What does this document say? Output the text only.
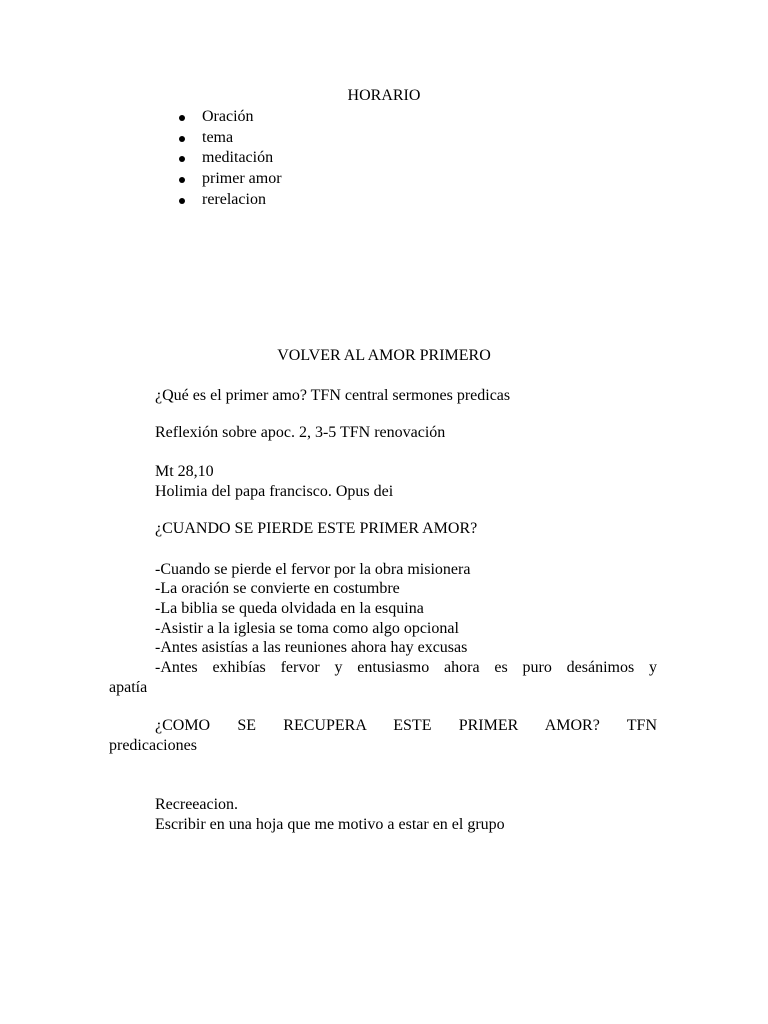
HORARIO
Oración
tema
meditación
primer amor
rerelacion
VOLVER AL AMOR PRIMERO
¿Qué es el primer amo? TFN central sermones predicas
Reflexión sobre apoc. 2, 3-5 TFN renovación
Mt 28,10
Holimia del papa francisco. Opus dei
¿CUANDO SE PIERDE ESTE PRIMER AMOR?
-Cuando se pierde el fervor por la obra misionera
-La oración se convierte en costumbre
-La biblia se queda olvidada en la esquina
-Asistir a la iglesia se toma como algo opcional
-Antes asistías a las reuniones ahora hay excusas
-Antes exhibías fervor y entusiasmo ahora es puro desánimos y
apatía
¿COMO SE RECUPERA ESTE PRIMER AMOR? TFN
predicaciones
Recreeacion.
Escribir en una hoja que me motivo a estar en el grupo
